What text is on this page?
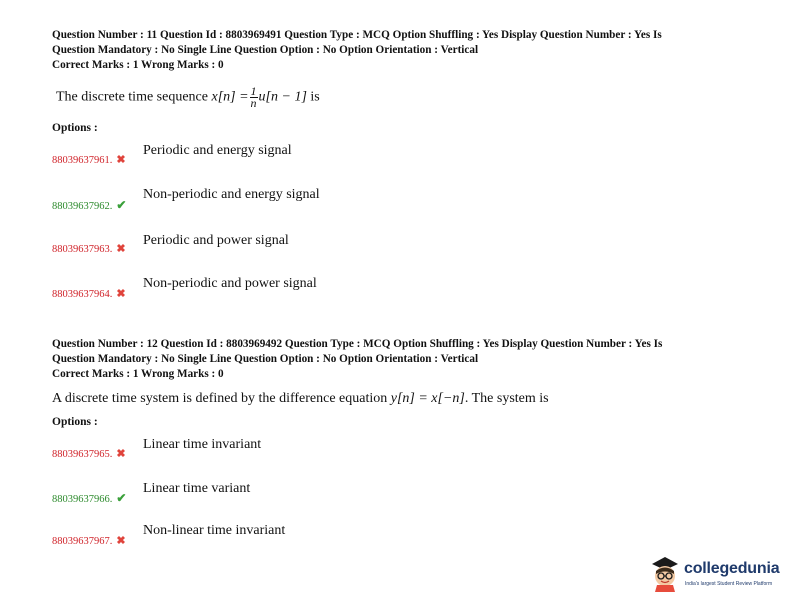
Question Number : 11 Question Id : 8803969491 Question Type : MCQ Option Shuffling : Yes Display Question Number : Yes Is
Question Mandatory : No Single Line Question Option : No Option Orientation : Vertical
Correct Marks : 1 Wrong Marks : 0
The discrete time sequence $x[n] = \frac{1}{n} u[n - 1]$ is
Options :
88039637961. ✖
Periodic and energy signal
88039637962. ✔
Non-periodic and energy signal
88039637963. ✖
Periodic and power signal
88039637964. ✖
Non-periodic and power signal
Question Number : 12 Question Id : 8803969492 Question Type : MCQ Option Shuffling : Yes Display Question Number : Yes Is
Question Mandatory : No Single Line Question Option : No Option Orientation : Vertical
Correct Marks : 1 Wrong Marks : 0
A discrete time system is defined by the difference equation y[n] = x[−n]. The system is
Options :
88039637965. ✖
Linear time invariant
88039637966. ✔
Linear time variant
88039637967. ✖
Non-linear time invariant
collegedunia
India's largest Student Review Platform
